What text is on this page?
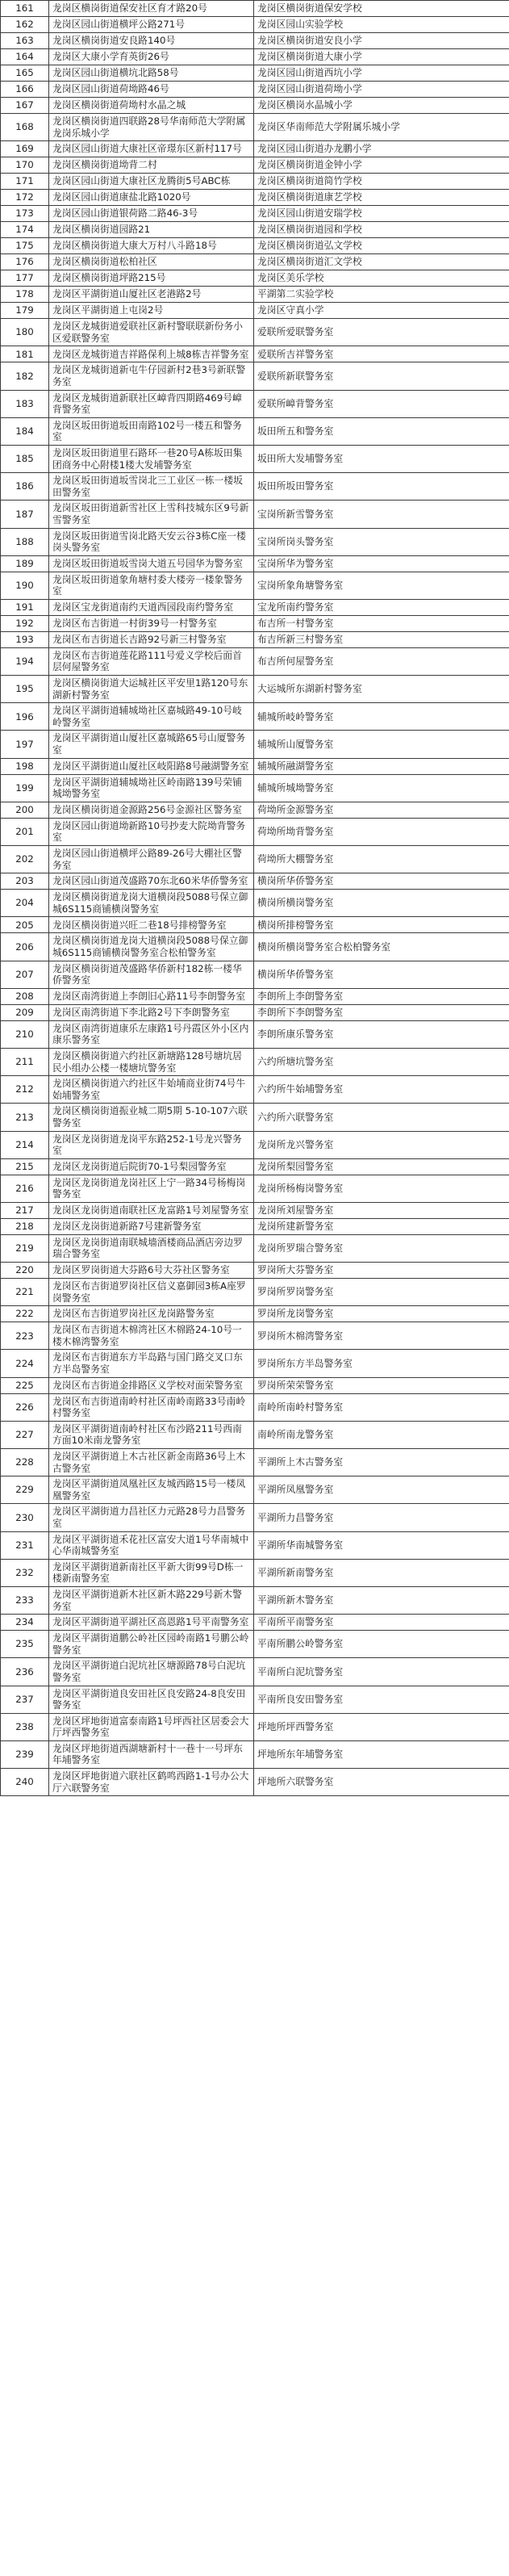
161	龙岗区横岗街道保安社区育才路20号	龙岗区横岗街道保安学校
162	龙岗区园山街道横坪公路271号	龙岗区园山实验学校
163	龙岗区横岗街道安良路140号	龙岗区横岗街道安良小学
164	龙岗区大康小学育英街26号	龙岗区横岗街道大康小学
165	龙岗区园山街道横坑北路58号	龙岗区园山街道西坑小学
166	龙岗区园山街道荷坳路46号	龙岗区园山街道荷坳小学
167	龙岗区横岗街道荷坳村水晶之城	龙岗区横岗水晶城小学
168	龙岗区横岗街道四联路28号华南师范大学附属龙岗乐城小学	龙岗区华南师范大学附属乐城小学
169	龙岗区园山街道大康社区帝璟东区新村117号	龙岗区园山街道办龙鹏小学
170	龙岗区横岗街道坳背二村	龙岗区横岗街道金钟小学
171	龙岗区园山街道大康社区龙腾街5号ABC栋	龙岗区横岗街道简竹学校
172	龙岗区园山街道康盐北路1020号	龙岗区横岗街道康艺学校
173	龙岗区园山街道银荷路二路46-3号	龙岗区园山街道安瑞学校
174	龙岗区横岗街道园路21	龙岗区横岗街道园和学校
175	龙岗区横岗街道大康大万村八斗路18号	龙岗区横岗街道弘文学校
176	龙岗区横岗街道松柏社区	龙岗区横岗街道汇文学校
177	龙岗区横岗街道坪路215号	龙岗区美乐学校
178	龙岗区平湖街道山厦社区老港路2号	平湖第二实验学校
179	龙岗区平湖街道上屯岗2号	龙岗区守真小学
180	龙岗区龙城街道爱联社区新村警联联新份务小区爱联警务室	爱联所爱联警务室
181	龙岗区龙城街道吉祥路保利上城8栋吉祥警务室	爱联所吉祥警务室
182	龙岗区龙城街道新屯牛仔园新村2巷3号新联警务室	爱联所新联警务室
183	龙岗区龙城街道新联社区嶂背四期路469号嶂背警务室	爱联所嶂背警务室
184	龙岗区坂田街道坂田南路102号一楼五和警务室	坂田所五和警务室
185	龙岗区坂田街道里石路环一巷20号A栋坂田集团商务中心附楼1楼大发埔警务室	坂田所大发埔警务室
186	龙岗区坂田街道坂雪岗北三工业区一栋一楼坂田警务室	坂田所坂田警务室
187	龙岗区坂田街道新雪社区上雪科技城东区9号新雪警务室	宝岗所新雪警务室
188	龙岗区坂田街道雪岗北路天安云谷3栋C座一楼岗头警务室	宝岗所岗头警务室
189	龙岗区坂田街道坂雪岗大道五号园华为警务室	宝岗所华为警务室
190	龙岗区坂田街道象角塘村委大楼旁一楼象警务室	宝岗所象角塘警务室
191	龙岗区宝龙街道南约天道西园段南约警务室	宝龙所南约警务室
192	龙岗区布吉街道一村街39号一村警务室	布吉所一村警务室
193	龙岗区布吉街道长吉路92号新三村警务室	布吉所新三村警务室
194	龙岗区布吉街道莲花路111号爱义学校后面首层何屋警务室	布吉所何屋警务室
195	龙岗区横岗街道大运城社区平安里1路120号东湖新村警务室	大运城所东湖新村警务室
196	龙岗区平湖街道辅城坳社区嘉城路49-10号岐岭警务室	辅城所岐岭警务室
197	龙岗区平湖街道山厦社区嘉城路65号山厦警务室	辅城所山厦警务室
198	龙岗区平湖街道山厦社区岐阳路8号融湖警务室	辅城所融湖警务室
199	龙岗区平湖街道辅城坳社区岭南路139号荣铺城坳警务室	辅城所城坳警务室
200	龙岗区横岗街道金源路256号金源社区警务室	荷坳所金源警务室
201	龙岗区园山街道坳新路10号抄麦大院坳背警务室	荷坳所坳背警务室
202	龙岗区园山街道横坪公路89-26号大棚社区警务室	荷坳所大棚警务室
203	龙岗区园山街道茂盛路70东北60米华侨警务室	横岗所华侨警务室
204	龙岗区横岗街道龙岗大道横岗段5088号保立御城6S115商铺横岗警务室	横岗所横岗警务室
205	龙岗区横岗街道兴旺二巷18号排榜警务室	横岗所排榜警务室
206	龙岗区横岗街道龙岗大道横岗段5088号保立御城6S115商铺横岗警务室合松柏警务室	横岗所横岗警务室合松柏警务室
207	龙岗区横岗街道茂盛路华侨新村182栋一楼华侨警务室	横岗所华侨警务室
208	龙岗区南湾街道上李朗旧心路11号李朗警务室	李朗所上李朗警务室
209	龙岗区南湾街道下李北路2号下李朗警务室	李朗所下李朗警务室
210	龙岗区南湾街道康乐左康路1号丹霞区外小区内康乐警务室	李朗所康乐警务室
211	龙岗区横岗街道六约社区新塘路128号塘坑居民小组办公楼一楼塘坑警务室	六约所塘坑警务室
212	龙岗区横岗街道六约社区牛始埔商业街74号牛始埔警务室	六约所牛始埔警务室
213	龙岗区横岗街道振业城二期5期 5-10-107六联警务室	六约所六联警务室
214	龙岗区龙岗街道龙岗平东路252-1号龙兴警务室	龙岗所龙兴警务室
215	龙岗区龙岗街道后院街70-1号梨园警务室	龙岗所梨园警务室
216	龙岗区龙岗街道龙岗社区上宁一路34号杨梅岗警务室	龙岗所杨梅岗警务室
217	龙岗区龙岗街道南联社区龙富路1号刘屋警务室	龙岗所刘屋警务室
218	龙岗区龙岗街道新路7号建新警务室	龙岗所建新警务室
219	龙岗区龙岗街道南联城墙酒楼商品酒店旁边罗瑞合警务室	龙岗所罗瑞合警务室
220	龙岗区罗岗街道大芬路6号大芬社区警务室	罗岗所大芬警务室
221	龙岗区布吉街道罗岗社区信义嘉御园3栋A座罗岗警务室	罗岗所罗岗警务室
222	龙岗区布吉街道罗岗社区龙岗路警务室	罗岗所龙岗警务室
223	龙岗区布吉街道木棉湾社区木棉路24-10号一楼木棉湾警务室	罗岗所木棉湾警务室
224	龙岗区布吉街道东方半岛路与国门路交叉口东方半岛警务室	罗岗所东方半岛警务室
225	龙岗区布吉街道金排路区义学校对面荣警务室	罗岗所荣荣警务室
226	龙岗区布吉街道南岭村社区南岭南路33号南岭村警务室	南岭所南岭村警务室
227	龙岗区平湖街道南岭村社区布沙路211号西南方面10米南龙警务室	南岭所南龙警务室
228	龙岗区平湖街道上木古社区新金南路36号上木古警务室	平湖所上木古警务室
229	龙岗区平湖街道凤凰社区友城西路15号一楼凤凰警务室	平湖所凤凰警务室
230	龙岗区平湖街道力昌社区力元路28号力昌警务室	平湖所力昌警务室
231	龙岗区平湖街道禾花社区富安大道1号华南城中心华南城警务室	平湖所华南城警务室
232	龙岗区平湖街道新南社区平新大街99号D栋一楼新南警务室	平湖所新南警务室
233	龙岗区平湖街道新木社区新木路229号新木警务室	平湖所新木警务室
234	龙岗区平湖街道平湖社区高恩路1号平南警务室	平南所平南警务室
235	龙岗区平湖街道鹏公岭社区园岭南路1号鹏公岭警务室	平南所鹏公岭警务室
236	龙岗区平湖街道白泥坑社区塘源路78号白泥坑警务室	平南所白泥坑警务室
237	龙岗区平湖街道良安田社区良安路24-8良安田警务室	平南所良安田警务室
238	龙岗区坪地街道富泰南路1号坪西社区居委会大厅坪西警务室	坪地所坪西警务室
239	龙岗区坪地街道西湖塘新村十一巷十一号坪东年埔警务室	坪地所东年埔警务室
240	龙岗区坪地街道六联社区鹤鸣西路1-1号办公大厅六联警务室	坪地所六联警务室
